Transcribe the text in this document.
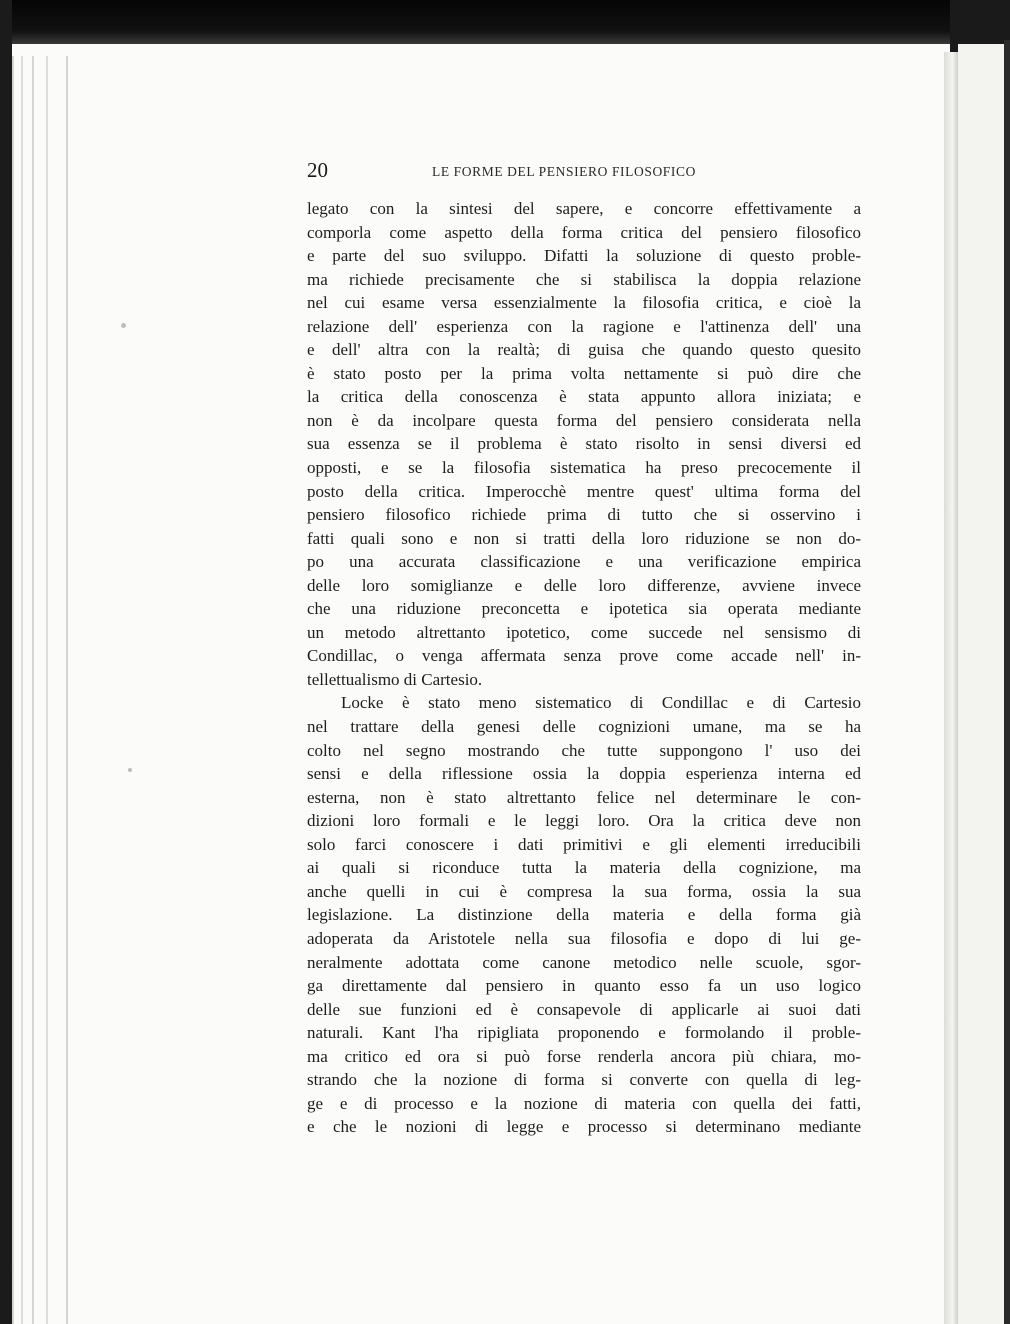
20	LE FORME DEL PENSIERO FILOSOFICO
legato con la sintesi del sapere, e concorre effettivamente a
comporla come aspetto della forma critica del pensiero filosofico
e parte del suo sviluppo. Difatti la soluzione di questo proble-
ma richiede precisamente che si stabilisca la doppia relazione
nel cui esame versa essenzialmente la filosofia critica, e cioè la
relazione dell' esperienza con la ragione e l'attinenza dell' una
e dell' altra con la realtà; di guisa che quando questo quesito
è stato posto per la prima volta nettamente si può dire che
la critica della conoscenza è stata appunto allora iniziata; e
non è da incolpare questa forma del pensiero considerata nella
sua essenza se il problema è stato risolto in sensi diversi ed
opposti, e se la filosofia sistematica ha preso precocemente il
posto della critica. Imperocchè mentre quest' ultima forma del
pensiero filosofico richiede prima di tutto che si osservino i
fatti quali sono e non si tratti della loro riduzione se non do-
po una accurata classificazione e una verificazione empirica
delle loro somiglianze e delle loro differenze, avviene invece
che una riduzione preconcetta e ipotetica sia operata mediante
un metodo altrettanto ipotetico, come succede nel sensismo di
Condillac, o venga affermata senza prove come accade nell' in-
tellettualismo di Cartesio.
Locke è stato meno sistematico di Condillac e di Cartesio
nel trattare della genesi delle cognizioni umane, ma se ha
colto nel segno mostrando che tutte suppongono l' uso dei
sensi e della riflessione ossia la doppia esperienza interna ed
esterna, non è stato altrettanto felice nel determinare le con-
dizioni loro formali e le leggi loro. Ora la critica deve non
solo farci conoscere i dati primitivi e gli elementi irreducibili
ai quali si riconduce tutta la materia della cognizione, ma
anche quelli in cui è compresa la sua forma, ossia la sua
legislazione. La distinzione della materia e della forma già
adoperata da Aristotele nella sua filosofia e dopo di lui ge-
neralmente adottata come canone metodico nelle scuole, sgor-
ga direttamente dal pensiero in quanto esso fa un uso logico
delle sue funzioni ed è consapevole di applicarle ai suoi dati
naturali. Kant l'ha ripigliata proponendo e formolando il proble-
ma critico ed ora si può forse renderla ancora più chiara, mo-
strando che la nozione di forma si converte con quella di leg-
ge e di processo e la nozione di materia con quella dei fatti,
e che le nozioni di legge e processo si determinano mediante
